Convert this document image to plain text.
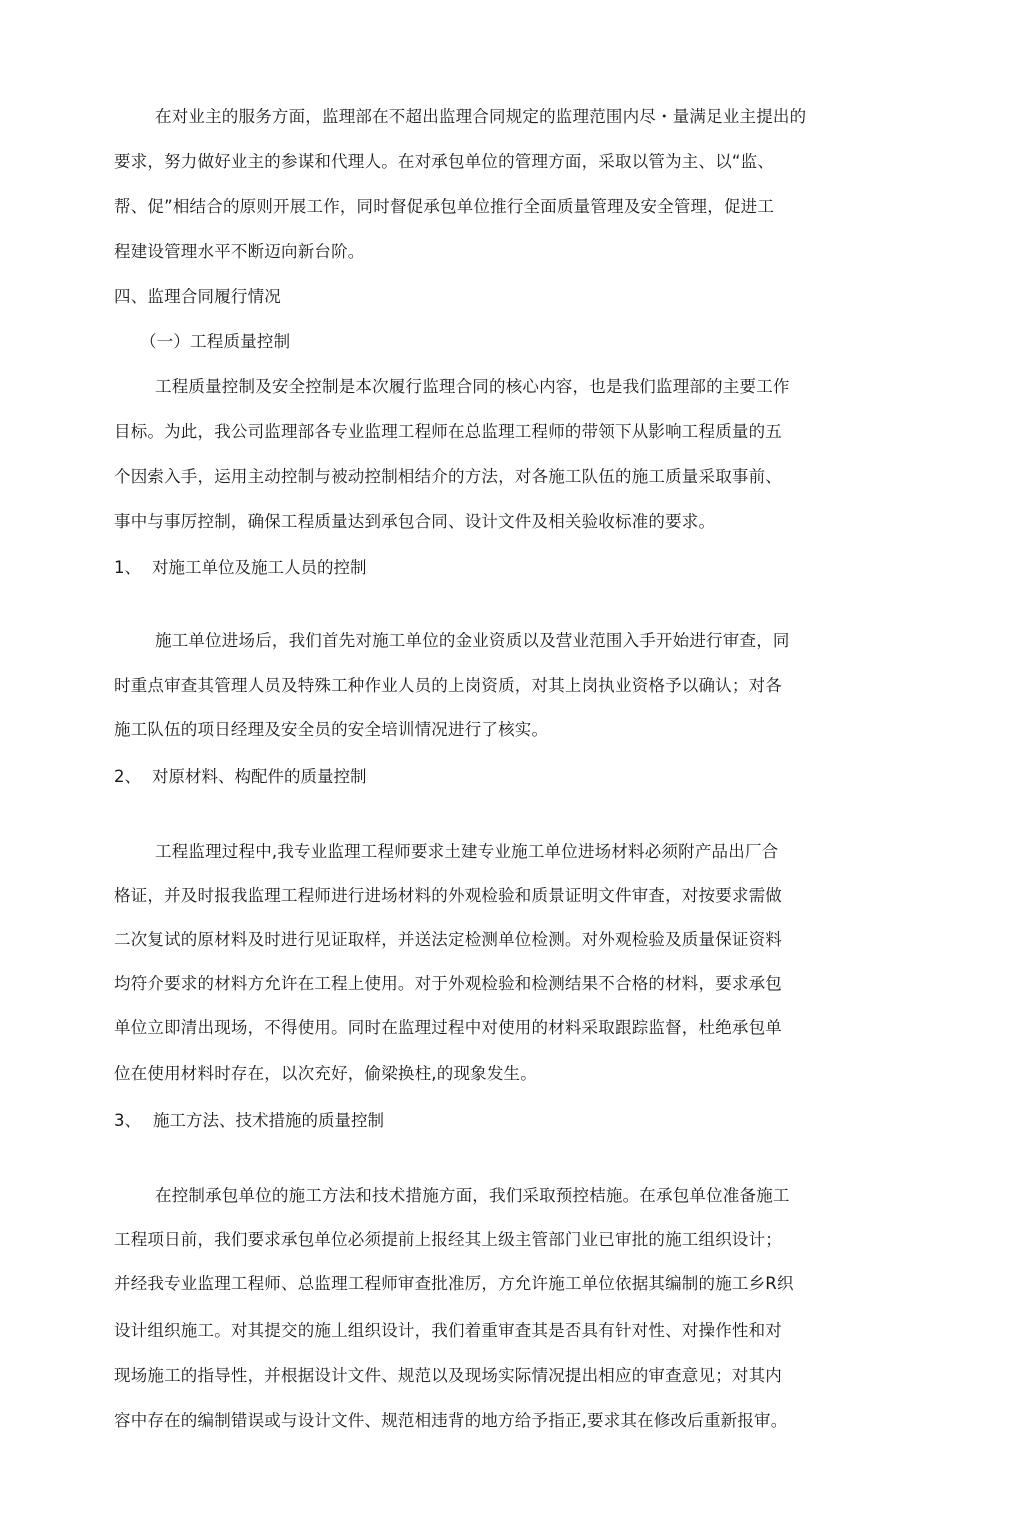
在对业主的服务方面，监理部在不超出监理合同规定的监理范围内尽・量满足业主提出的
要求，努力做好业主的参谋和代理人。在对承包单位的管理方面，采取以管为主、以“监、
帮、促”相结合的原则开展工作，同时督促承包单位推行全面质量管理及安全管理，促进工
程建设管理水平不断迈向新台阶。
四、监理合同履行情况
（一）工程质量控制
工程质量控制及安全控制是本次履行监理合同的核心内容，也是我们监理部的主要工作
目标。为此，我公司监理部各专业监理工程师在总监理工程师的带领下从影响工程质量的五
个因索入手，运用主动控制与被动控制相结介的方法，对各施工队伍的施工质量采取事前、
事中与事厉控制，确保工程质量达到承包合同、设计文件及相关验收标准的要求。
1、 对施工单位及施工人员的控制
施工单位进场后，我们首先对施工单位的金业资质以及营业范围入手开始进行审查，同
时重点审查其管理人员及特殊工种作业人员的上岗资质，对其上岗执业资格予以确认；对各
施工队伍的项日经理及安全员的安全培训情况进行了核实。
2、 对原材料、构配件的质量控制
工程监理过程中,我专业监理工程师要求土建专业施工单位进场材料必须附产品出厂合
格证，并及时报我监理工程师进行进场材料的外观检验和质景证明文件审査，对按要求需做
二次复试的原材料及时进行见证取样，并送法定检测单位检测。对外观检验及质量保证资料
均符介要求的材料方允许在工程上使用。对于外观检验和检测结果不合格的材料，要求承包
单位立即清出现场，不得使用。同时在监理过程中对使用的材料采取跟踪监督，杜绝承包单
位在使用材料时存在，以次充好，偷梁换柱,的现象发生。
3、 施工方法、技术措施的质量控制
在控制承包单位的施工方法和技术措施方面，我们采取预控桔施。在承包单位准备施工
工程项日前，我们要求承包单位必须提前上报经其上级主管部门业已审批的施工组织设计；
并经我专业监理工程师、总监理工程师审查批准厉，方允许施工单位依据其编制的施工乡R织
设计组织施工。对其提交的施丄组织设计，我们着重审査其是否具有针对性、对操作性和对
现场施工的指导性，并根据设计文件、规范以及现场实际情况提出相应的审查意见；对其内
容中存在的编制错误或与设计文件、规范相违背的地方给予指正,要求其在修改后重新报审。
